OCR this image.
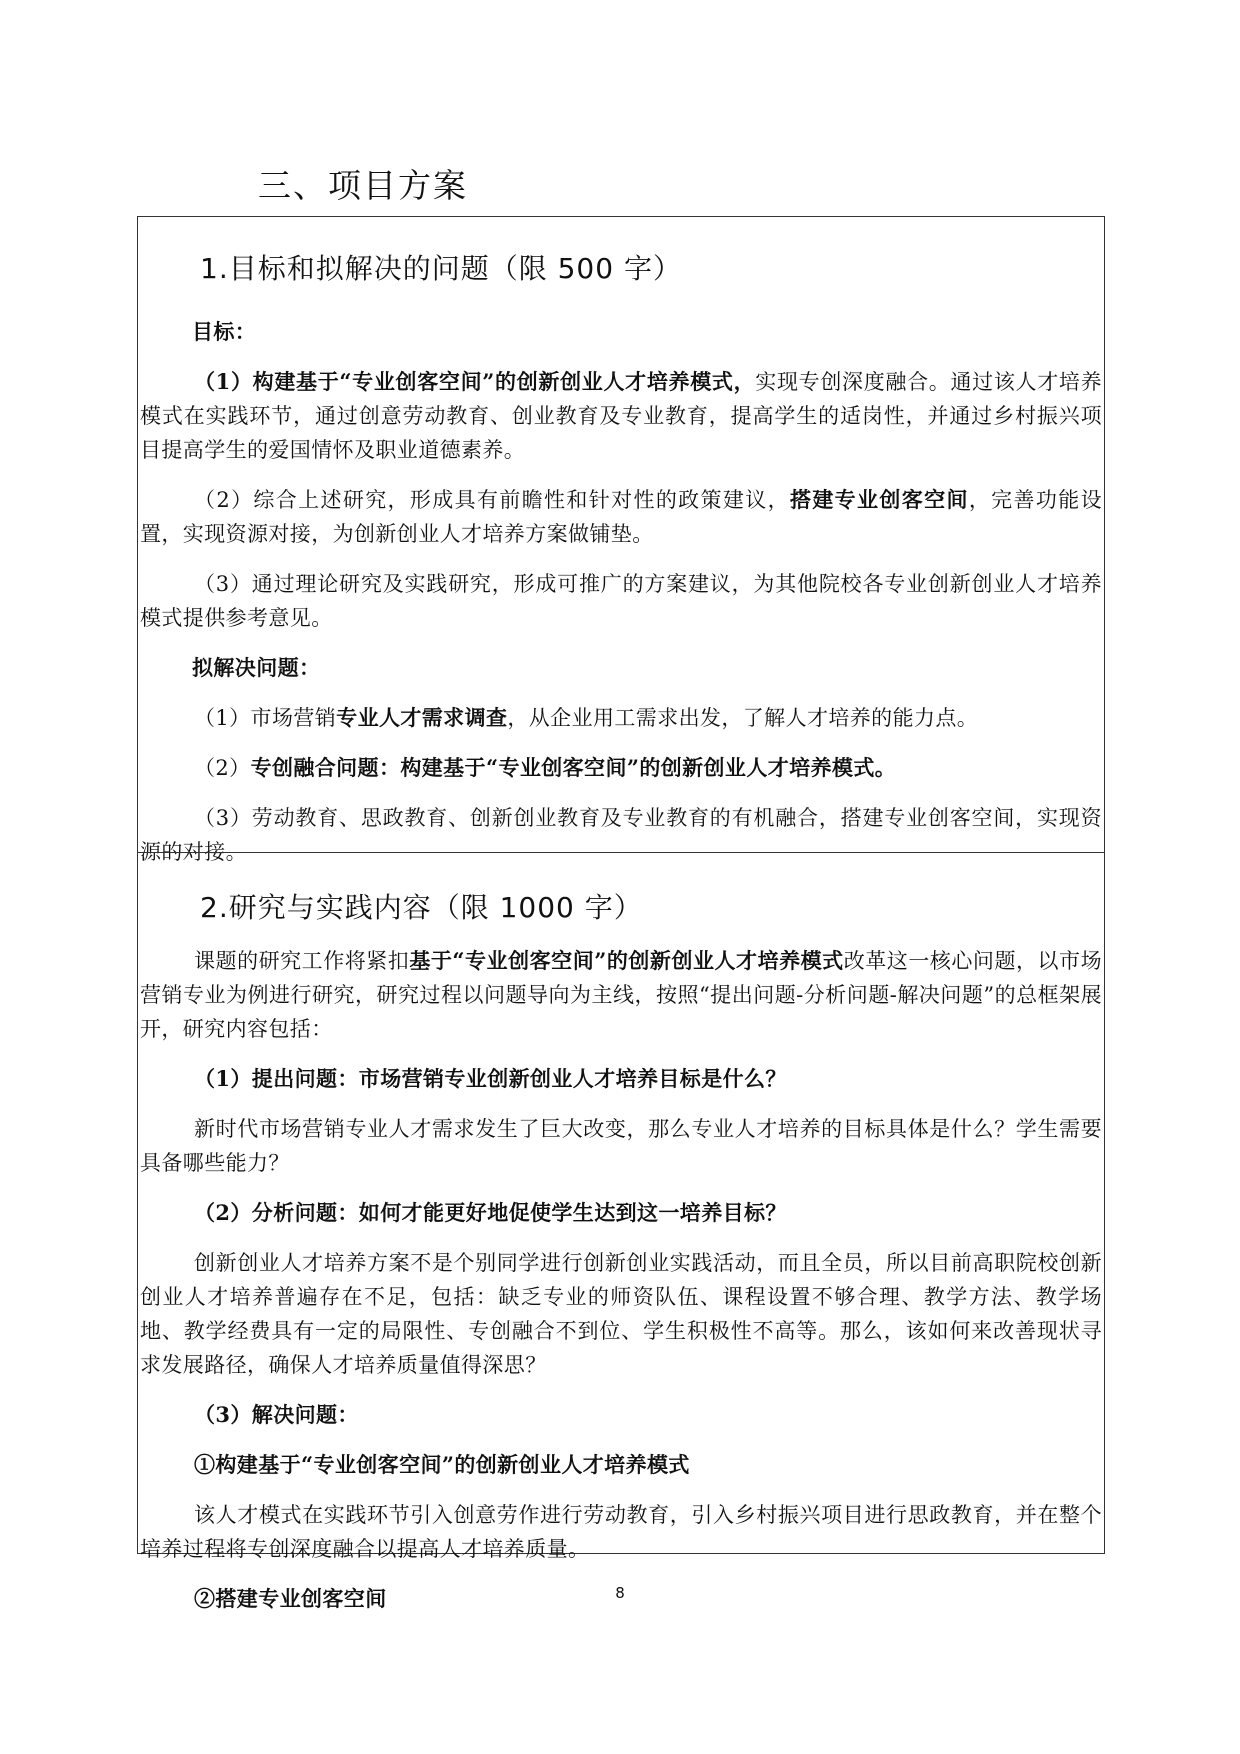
三、项目方案
1.目标和拟解决的问题（限 500 字）

目标：

（1）构建基于“专业创客空间”的创新创业人才培养模式，实现专创深度融合。通过该人才培养模式在实践环节，通过创意劳动教育、创业教育及专业教育，提高学生的适岗性，并通过乡村振兴项目提高学生的爱国情怀及职业道德素养。

（2）综合上述研究，形成具有前瞻性和针对性的政策建议，搭建专业创客空间，完善功能设置，实现资源对接，为创新创业人才培养方案做铺垫。

（3）通过理论研究及实践研究，形成可推广的方案建议，为其他院校各专业创新创业人才培养模式提供参考意见。

拟解决问题：

（1）市场营销专业人才需求调查，从企业用工需求出发，了解人才培养的能力点。

（2）专创融合问题：构建基于“专业创客空间”的创新创业人才培养模式。

（3）劳动教育、思政教育、创新创业教育及专业教育的有机融合，搭建专业创客空间，实现资源的对接。

2.研究与实践内容（限 1000 字）

课题的研究工作将紧扣基于“专业创客空间”的创新创业人才培养模式改革这一核心问题，以市场营销专业为例进行研究，研究过程以问题导向为主线，按照“提出问题-分析问题-解决问题”的总框架展开，研究内容包括：

（1）提出问题：市场营销专业创新创业人才培养目标是什么？

新时代市场营销专业人才需求发生了巨大改变，那么专业人才培养的目标具体是什么？学生需要具备哪些能力？

（2）分析问题：如何才能更好地促使学生达到这一培养目标？

创新创业人才培养方案不是个别同学进行创新创业实践活动，而且全员，所以目前高职院校创新创业人才培养普遍存在不足，包括：缺乏专业的师资队伍、课程设置不够合理、教学方法、教学场地、教学经费具有一定的局限性、专创融合不到位、学生积极性不高等。那么，该如何来改善现状寻求发展路径，确保人才培养质量值得深思？

（3）解决问题：

①构建基于“专业创客空间”的创新创业人才培养模式

该人才模式在实践环节引入创意劳作进行劳动教育，引入乡村振兴项目进行思政教育，并在整个培养过程将专创深度融合以提高人才培养质量。

②搭建专业创客空间	8
